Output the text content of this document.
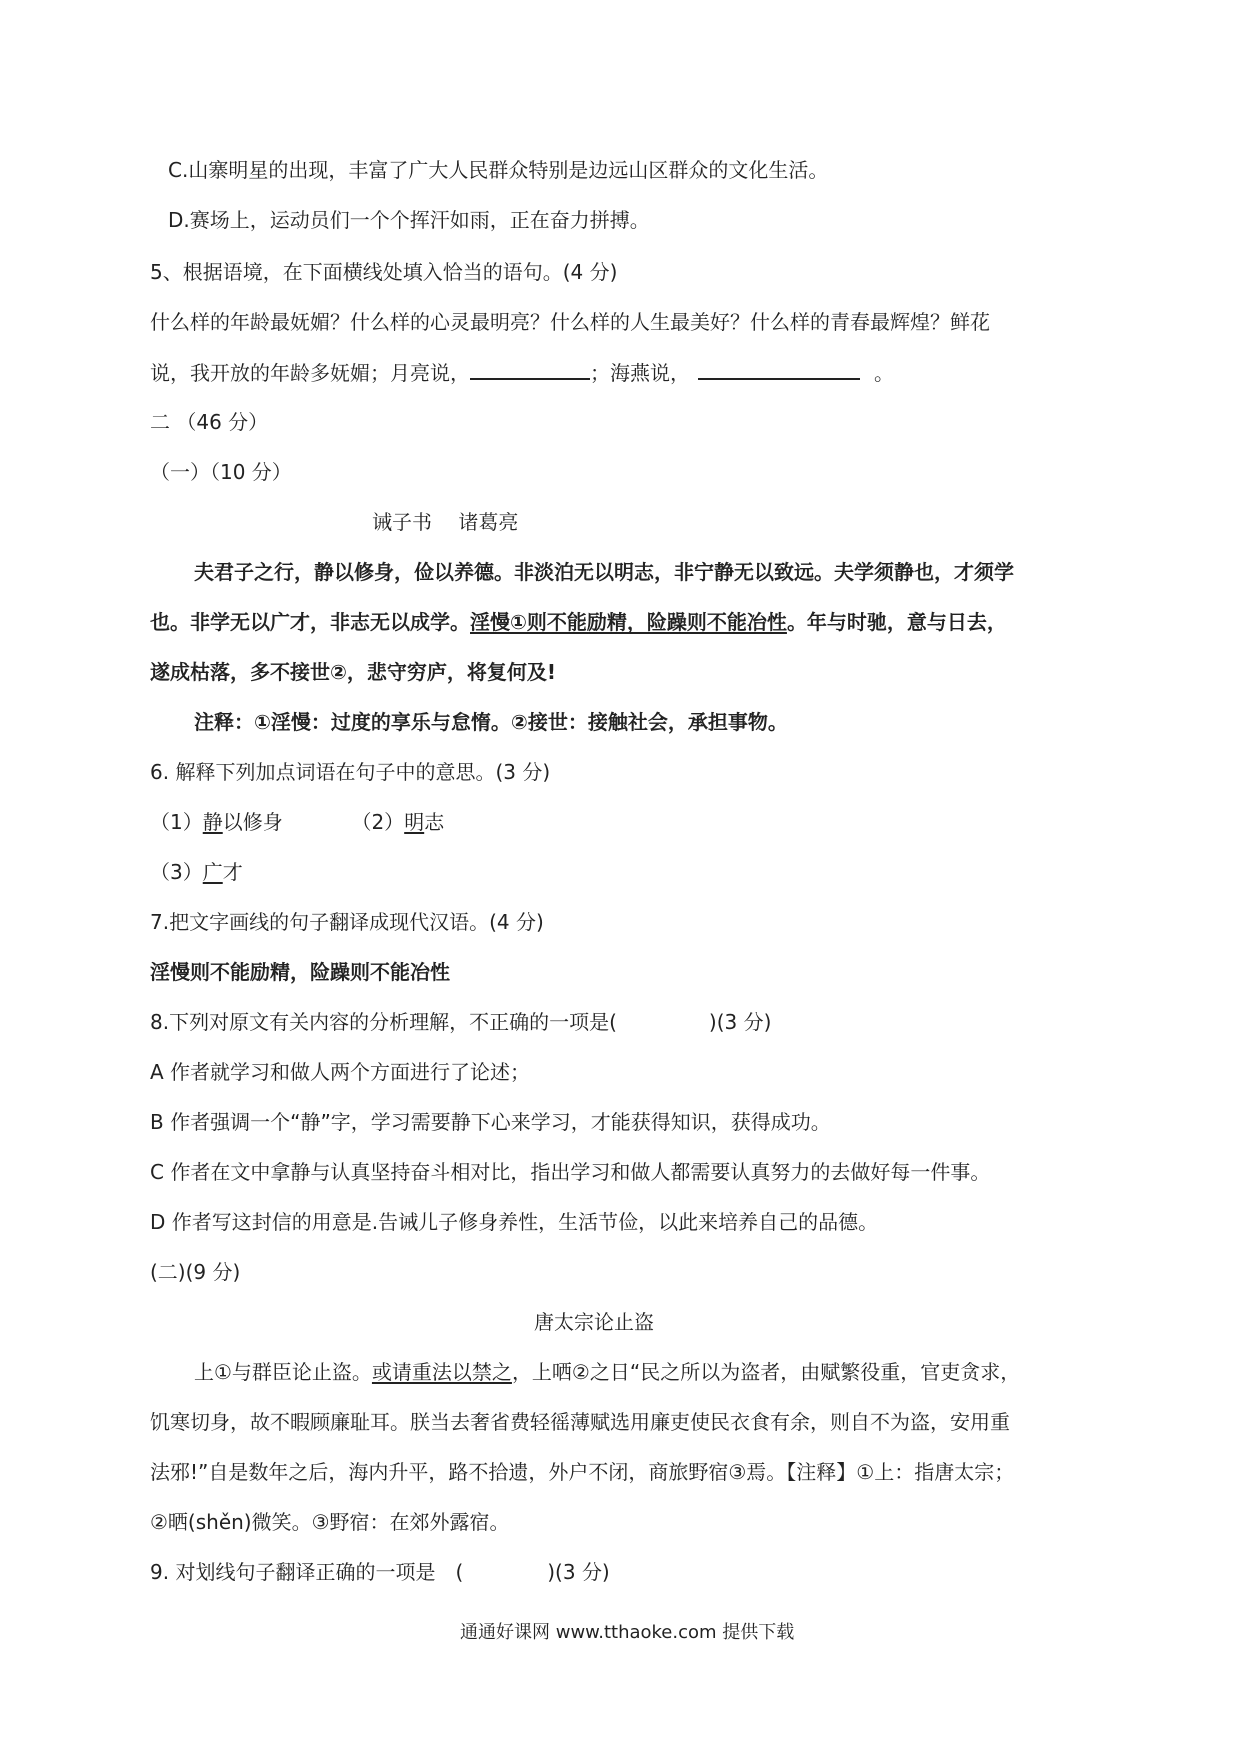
C.山寨明星的出现，丰富了广大人民群众特别是边远山区群众的文化生活。
D.赛场上，运动员们一个个挥汗如雨，正在奋力拼搏。
5、根据语境，在下面横线处填入恰当的语句。(4 分)
什么样的年龄最妩媚？什么样的心灵最明亮？什么样的人生最美好？什么样的青春最辉煌？鲜花
说，我开放的年龄多妩媚；月亮说，	；海燕说，	。
二 （46 分）
（一）（10 分）
诫子书　 诸葛亮
夫君子之行，静以修身，俭以养德。非淡泊无以明志，非宁静无以致远。夫学须静也，才须学
也。非学无以广才，非志无以成学。淫慢①则不能励精，险躁则不能冶性。年与时驰，意与日去，
遂成枯落，多不接世②，悲守穷庐，将复何及!
注释：①淫慢：过度的享乐与怠惰。②接世：接触社会，承担事物。
6. 解释下列加点词语在句子中的意思。(3 分)
（1）静以修身	（2）明志
（3）广才
7.把文字画线的句子翻译成现代汉语。(4 分)
淫慢则不能励精，险躁则不能冶性
8.下列对原文有关内容的分析理解，不正确的一项是(	)(3 分)
A 作者就学习和做人两个方面进行了论述；
B 作者强调一个“静”字，学习需要静下心来学习，才能获得知识，获得成功。
C 作者在文中拿静与认真坚持奋斗相对比，指出学习和做人都需要认真努力的去做好每一件事。
D 作者写这封信的用意是.告诫儿子修身养性，生活节俭，以此来培养自己的品德。
(二)(9 分)
唐太宗论止盗
上①与群臣论止盗。或请重法以禁之，上哂②之日“民之所以为盗者，由赋繁役重，官吏贪求，
饥寒切身，故不暇顾廉耻耳。朕当去奢省费轻徭薄赋选用廉吏使民衣食有余，则自不为盗，安用重
法邪!”自是数年之后，海内升平，路不拾遗，外户不闭，商旅野宿③焉。【注释】①上：指唐太宗；
②晒(shěn)微笑。③野宿：在郊外露宿。
9. 对划线句子翻译正确的一项是　(	)(3 分)
通通好课网 www.tthaoke.com 提供下载
